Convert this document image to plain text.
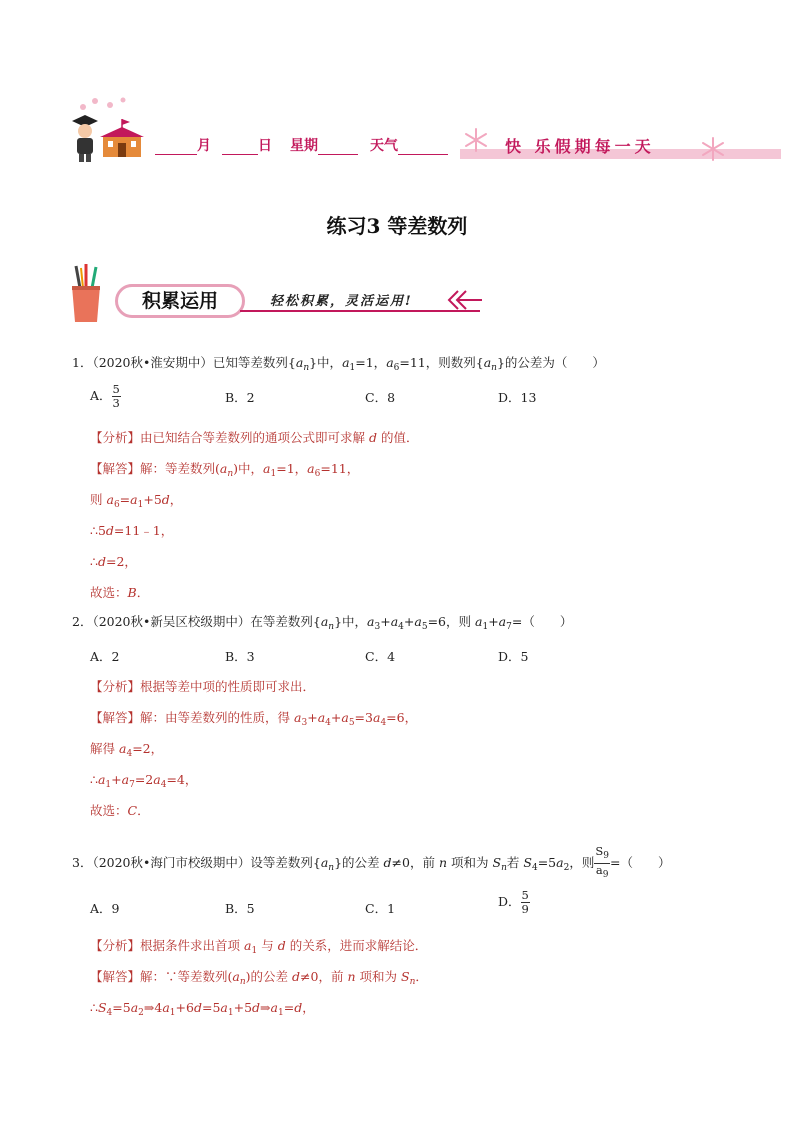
月	日 星期	天气	快 乐假期每一天
练习3 等差数列
积累运用	轻松积累，灵活运用!
1．（2020秋•淮安期中）已知等差数列$\{a_n\}$中，$a_1=1$，$a_6=11$，则数列$\{a_n\}$的公差为（　　）
A． $\frac{5}{3}$	B．2	C．8	D．13
【分析】由已知结合等差数列的通项公式即可求解 d 的值．
【解答】解：等差数列$(a_n)$中，$a_1=1$，$a_6=11$，
则 $a_6=a_1+5d$，
∴5d=11﹣1，
∴d=2，
故选：B．
2．（2020秋•新吴区校级期中）在等差数列$\{a_n\}$中，$a_3+a_4+a_5=6$，则 $a_1+a_7=$（　　）
A．2	B．3	C．4	D．5
【分析】根据等差中项的性质即可求出．
【解答】解：由等差数列的性质，得 $a_3+a_4+a_5=3a_4=6$，
解得 $a_4=2$，
$\therefore a_1+a_7=2a_4=4$，
故选：C．
3．（2020秋•海门市校级期中）设等差数列$\{a_n\}$的公差 d≠0，前 n 项和为 $S_n$若 $S_4=5a_2$，则 $\frac{S_9}{a_9}$ =（　　）
A．9	B．5	C．1	D． $\frac{5}{9}$
【分析】根据条件求出首项 $a_1$ 与 d 的关系，进而求解结论．
【解答】解：∵等差数列$(a_n)$的公差 d≠0，前 n 项和为 $S_n$．
$\therefore S_4=5a_2\Rightarrow 4a_1+6d=5a_1+5d\Rightarrow a_1=d$，
